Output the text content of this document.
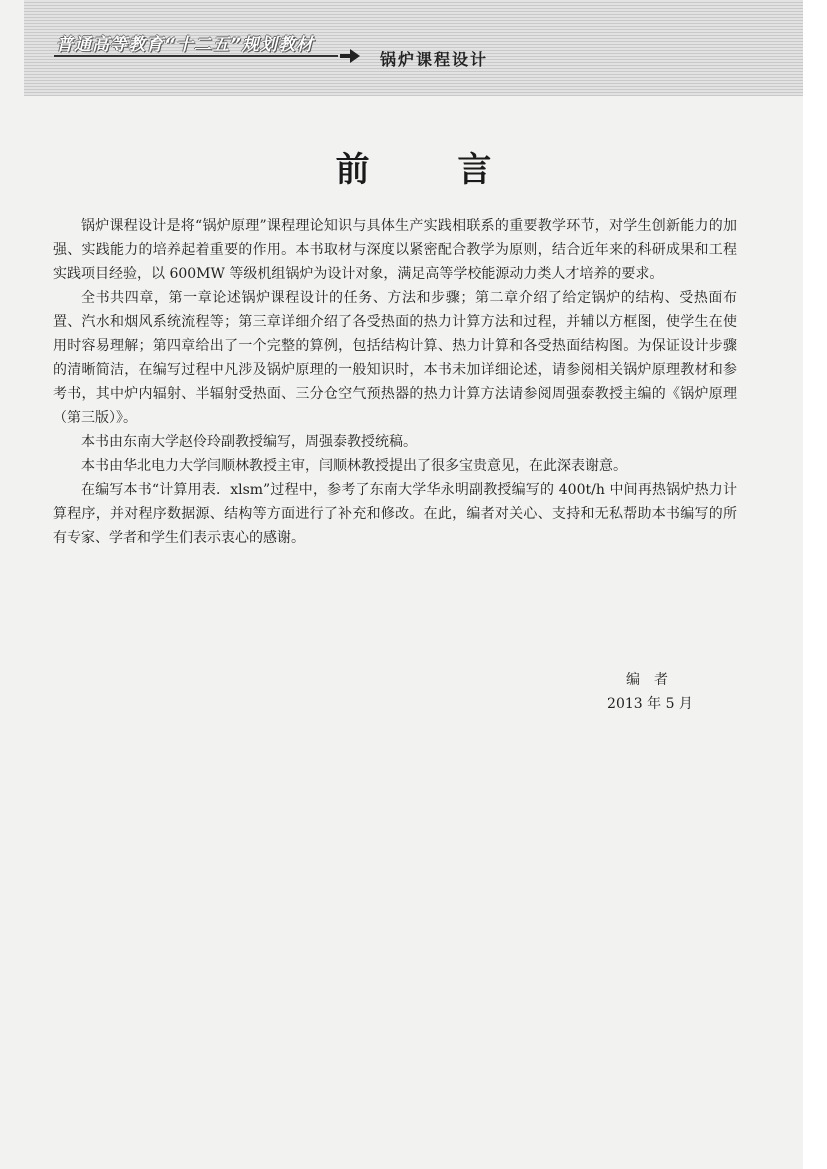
普通高等教育“十二五”规划教材
锅炉课程设计
前	言

锅炉课程设计是将“锅炉原理”课程理论知识与具体生产实践相联系的重要教学环节，对学生创新能力的加强、实践能力的培养起着重要的作用。本书取材与深度以紧密配合教学为原则，结合近年来的科研成果和工程实践项目经验，以 600MW 等级机组锅炉为设计对象，满足高等学校能源动力类人才培养的要求。

全书共四章，第一章论述锅炉课程设计的任务、方法和步骤；第二章介绍了给定锅炉的结构、受热面布置、汽水和烟风系统流程等；第三章详细介绍了各受热面的热力计算方法和过程，并辅以方框图，使学生在使用时容易理解；第四章给出了一个完整的算例，包括结构计算、热力计算和各受热面结构图。为保证设计步骤的清晰简洁，在编写过程中凡涉及锅炉原理的一般知识时，本书未加详细论述，请参阅相关锅炉原理教材和参考书，其中炉内辐射、半辐射受热面、三分仓空气预热器的热力计算方法请参阅周强泰教授主编的《锅炉原理（第三版）》。

本书由东南大学赵伶玲副教授编写，周强泰教授统稿。

本书由华北电力大学闫顺林教授主审，闫顺林教授提出了很多宝贵意见，在此深表谢意。

在编写本书“计算用表．xlsm”过程中，参考了东南大学华永明副教授编写的 400t/h 中间再热锅炉热力计算程序，并对程序数据源、结构等方面进行了补充和修改。在此，编者对关心、支持和无私帮助本书编写的所有专家、学者和学生们表示衷心的感谢。

编者
2013 年 5 月
